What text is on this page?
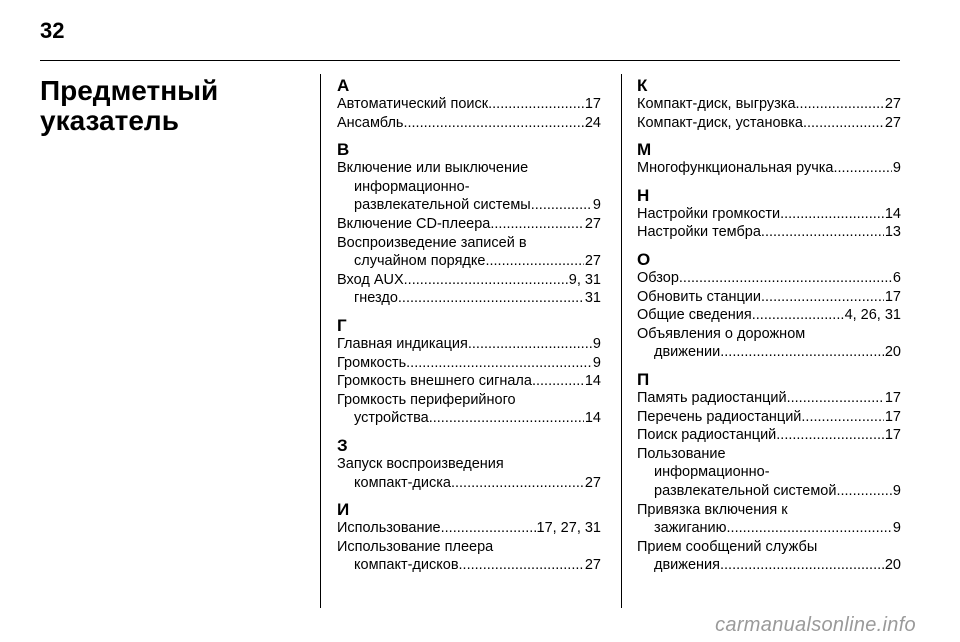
32
Предметный
указатель
А
Автоматический поиск .....	17
Ансамбль .....	24
В
Включение или выключение
информационно-
развлекательной системы .....	9
Включение CD-плеера .....	27
Воспроизведение записей в
случайном порядке .....	27
Вход AUX .....	9, 31
гнездо .....	31
Г
Главная индикация .....	9
Громкость .....	9
Громкость внешнего сигнала .....	14
Громкость периферийного
устройства .....	14
З
Запуск воспроизведения
компакт-диска .....	27
И
Использование .....	17, 27, 31
Использование плеера
компакт-дисков .....	27
К
Компакт-диск, выгрузка .....	27
Компакт-диск, установка .....	27
М
Многофункциональная ручка .....	9
Н
Настройки громкости .....	14
Настройки тембра .....	13
О
Обзор .....	6
Обновить станции .....	17
Общие сведения .....	4, 26, 31
Объявления о дорожном
движении .....	20
П
Память радиостанций .....	17
Перечень радиостанций .....	17
Поиск радиостанций .....	17
Пользование
информационно-
развлекательной системой .....	9
Привязка включения к
зажиганию .....	9
Прием сообщений службы
движения .....	20
carmanualsonline.info
